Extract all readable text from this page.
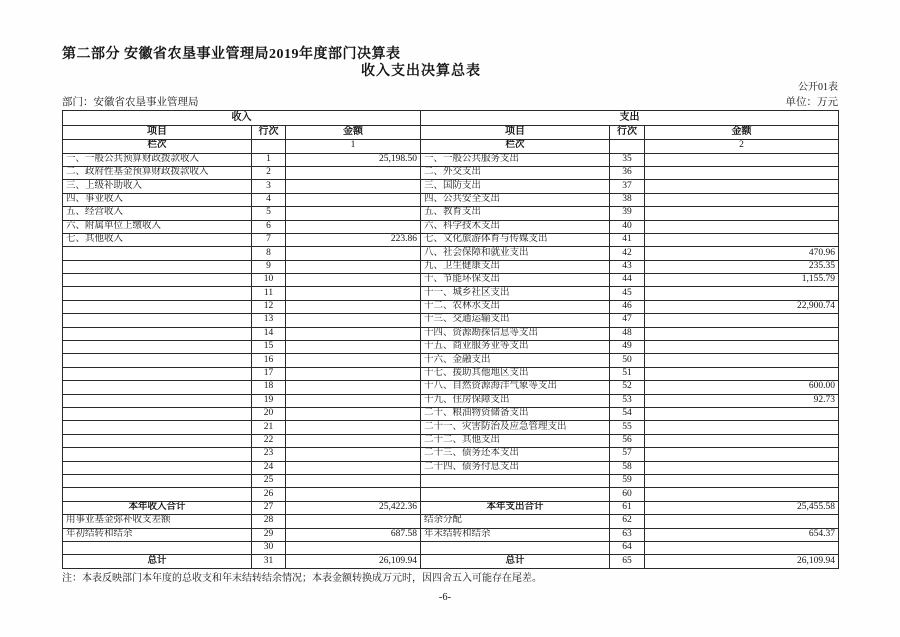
第二部分 安徽省农垦事业管理局2019年度部门决算表
收入支出决算总表
公开01表
部门：安徽省农垦事业管理局	单位：万元
收入			支出		
项目	行次	金额	项目	行次	金额
栏次		1	栏次		2
一、一般公共预算财政拨款收入	1	25,198.50	一、一般公共服务支出	35	
二、政府性基金预算财政拨款收入	2		二、外交支出	36	
三、上级补助收入	3		三、国防支出	37	
四、事业收入	4		四、公共安全支出	38	
五、经营收入	5		五、教育支出	39	
六、附属单位上缴收入	6		六、科学技术支出	40	
七、其他收入	7	223.86	七、文化旅游体育与传媒支出	41	
	8		八、社会保障和就业支出	42	470.96
	9		九、卫生健康支出	43	235.35
	10		十、节能环保支出	44	1,155.79
	11		十一、城乡社区支出	45	
	12		十二、农林水支出	46	22,900.74
	13		十三、交通运输支出	47	
	14		十四、资源勘探信息等支出	48	
	15		十五、商业服务业等支出	49	
	16		十六、金融支出	50	
	17		十七、援助其他地区支出	51	
	18		十八、自然资源海洋气象等支出	52	600.00
	19		十九、住房保障支出	53	92.73
	20		二十、粮油物资储备支出	54	
	21		二十一、灾害防治及应急管理支出	55	
	22		二十二、其他支出	56	
	23		二十三、债务还本支出	57	
	24		二十四、债务付息支出	58	
	25			59	
	26			60	
本年收入合计	27	25,422.36	本年支出合计	61	25,455.58
用事业基金弥补收支差额	28		结余分配	62	
年初结转和结余	29	687.58	年末结转和结余	63	654.37
	30			64	
总计	31	26,109.94	总计	65	26,109.94
注：本表反映部门本年度的总收支和年末结转结余情况；本表金额转换成万元时，因四舍五入可能存在尾差。
-6-
